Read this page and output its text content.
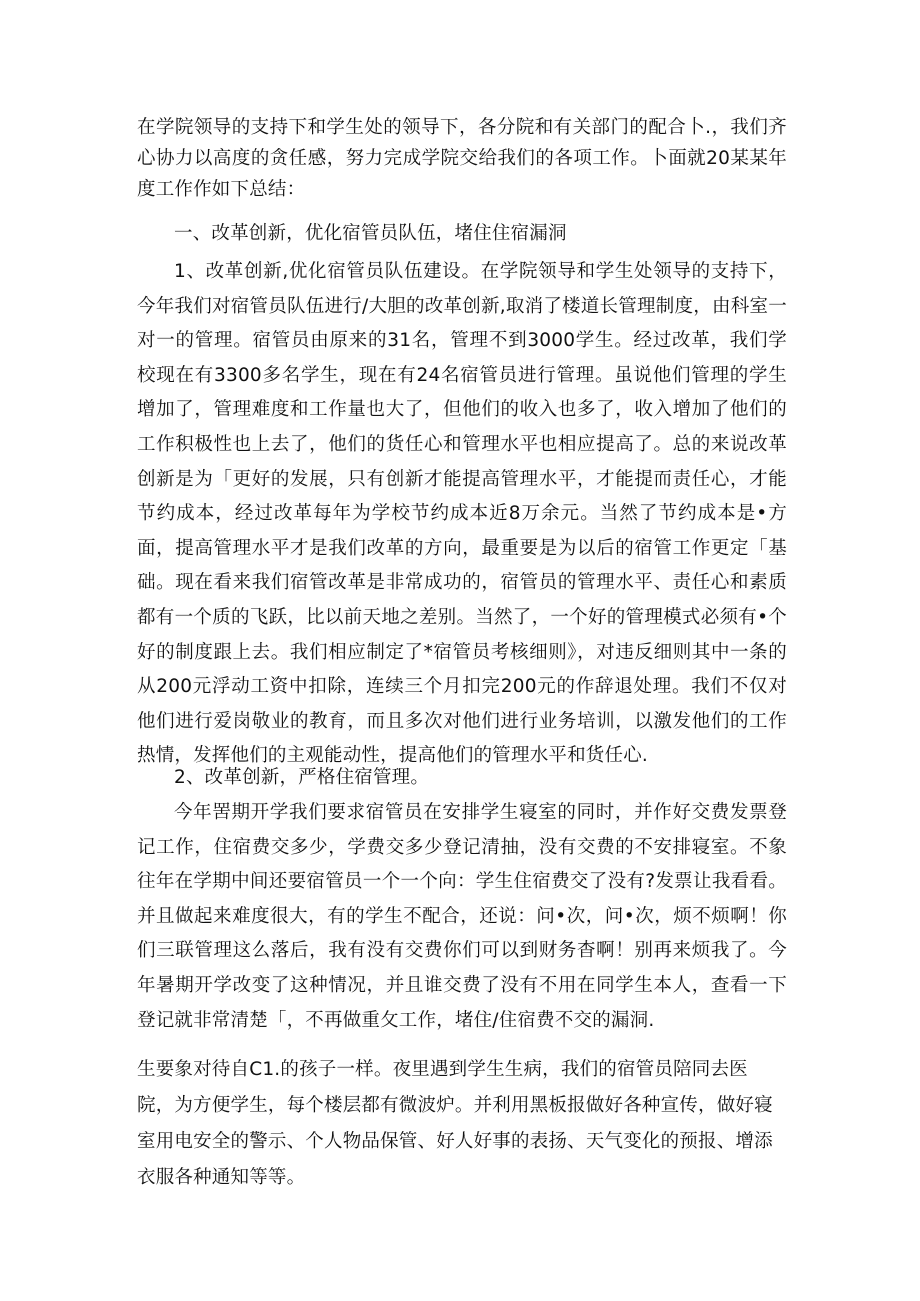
在学院领导的支持下和学生处的领导下，各分院和有关部门的配合卜.，我们齐心协力以高度的贪任感，努力完成学院交给我们的各项工作。卜面就20某某年度工作作如下总结：
一、改革创新，优化宿管员队伍，堵住住宿漏洞
1、改革创新,优化宿管员队伍建设。在学院领导和学生处领导的支持下，今年我们对宿管员队伍进行/大胆的改革创新,取消了楼道长管理制度，由科室一对一的管理。宿管员由原来的31名，管理不到3000学生。经过改革，我们学校现在有3300多名学生，现在有24名宿管员进行管理。虽说他们管理的学生增加了，管理难度和工作量也大了，但他们的收入也多了，收入增加了他们的工作积极性也上去了，他们的货任心和管理水平也相应提高了。总的来说改革创新是为「更好的发展，只有创新才能提高管理水平，才能提而责任心，才能节约成本，经过改革每年为学校节约成本近8万余元。当然了节约成本是•方面，提高管理水平才是我们改革的方向，最重要是为以后的宿管工作更定「基础。现在看来我们宿管改革是非常成功的，宿管员的管理水平、责任心和素质都有一个质的飞跃，比以前天地之差别。当然了，一个好的管理模式必须有•个好的制度跟上去。我们相应制定了*宿管员考核细则》，对违反细则其中一条的从200元浮动工资中扣除，连续三个月扣完200元的作辞退处理。我们不仅对他们进行爱岗敬业的教育，而且多次对他们进行业务培训，以激发他们的工作热情，发挥他们的主观能动性，提高他们的管理水平和货任心.
2、改革创新，严格住宿管理。
今年罟期开学我们要求宿管员在安排学生寝室的同时，并作好交费发票登记工作，住宿费交多少，学费交多少登记清抽，没有交费的不安排寝室。不象往年在学期中间还要宿管员一个一个向：学生住宿费交了没有?发票让我看看。并且做起来难度很大，有的学生不配合，还说：问•次，问•次，烦不烦啊！你们三联管理这么落后，我有没有交费你们可以到财务杳啊！别再来烦我了。今年暑期开学改变了这种情况，并且谁交费了没有不用在同学生本人，查看一下登记就非常清楚「，不再做重攵工作，堵住/住宿费不交的漏洞.
生要象对待自C1.的孩子一样。夜里遇到学生生病，我们的宿管员陪同去医院，为方便学生，每个楼层都有微波炉。并利用黑板报做好各种宣传，做好寝室用电安全的警示、个人物品保管、好人好事的表扬、天气变化的预报、增添衣服各种通知等等。
